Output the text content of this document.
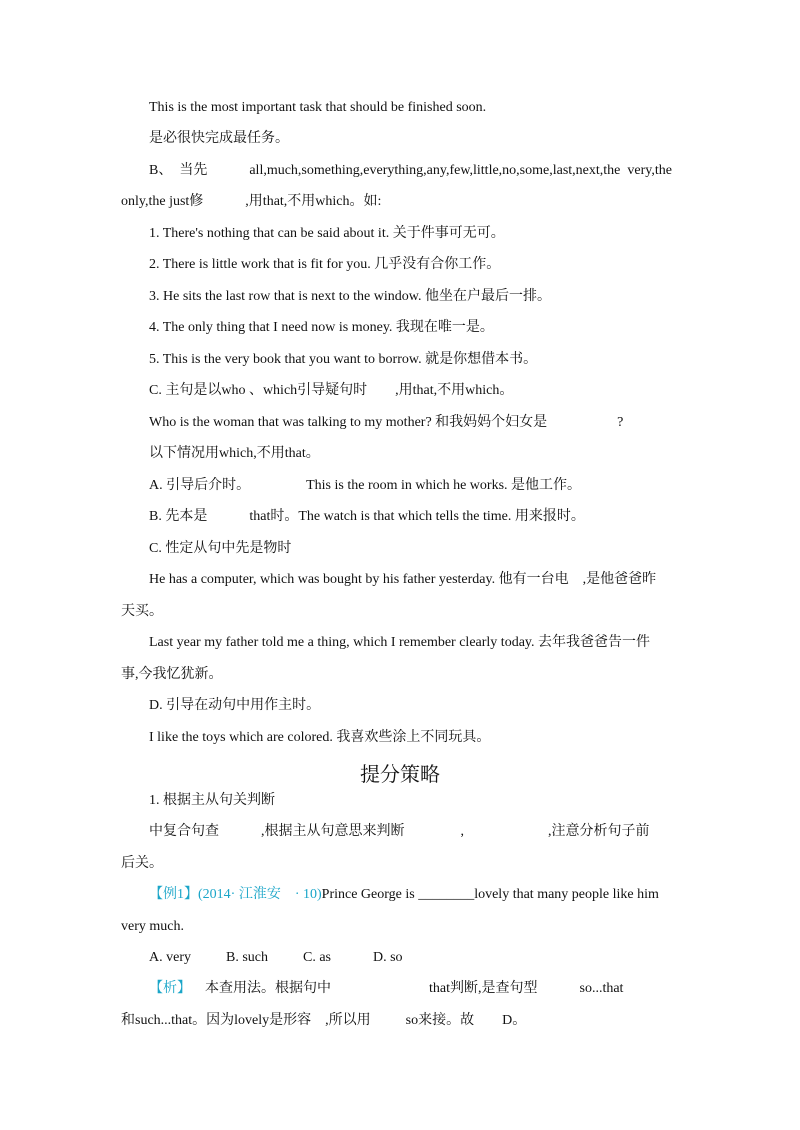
This is the most important task that should be finished soon.
是必很快完成最任务。
B、  当先            all,much,something,everything,any,few,little,no,some,last,next,the  very,the
only,the just修            ,用that,不用which。如:
1. There's nothing that can be said about it. 关于件事可无可。
2. There is little work that is fit for you. 几乎没有合你工作。
3. He sits the last row that is next to the window. 他坐在户最后一排。
4. The only thing that I need now is money. 我现在唯一是。
5. This is the very book that you want to borrow. 就是你想借本书。
C. 主句是以who 、which引导疑句时        ,用that,不用which。
Who is the woman that was talking to my mother? 和我妈妈个妇女是                    ?
以下情况用which,不用that。
A. 引导后介时。                This is the room in which he works. 是他工作。
B. 先本是            that时。The watch is that which tells the time. 用来报时。
C. 性定从句中先是物时
He has a computer, which was bought by his father yesterday. 他有一台电    ,是他爸爸昨
天买。
Last year my father told me a thing, which I remember clearly today. 去年我爸爸告一件
事,今我忆犹新。
D. 引导在动句中用作主时。
I like the toys which are colored. 我喜欢些涂上不同玩具。
提分策略
1. 根据主从句关判断
中复合句查            ,根据主从句意思来判断                ,                        ,注意分析句子前
后关。
【例1】(2014· 江淮安    · 10)Prince George is ________lovely that many people like him
very much.
A. very          B. such          C. as            D. so
【析】    本查用法。根据句中                            that判断,是查句型            so...that
和such...that。因为lovely是形容    ,所以用          so来接。故        D。
